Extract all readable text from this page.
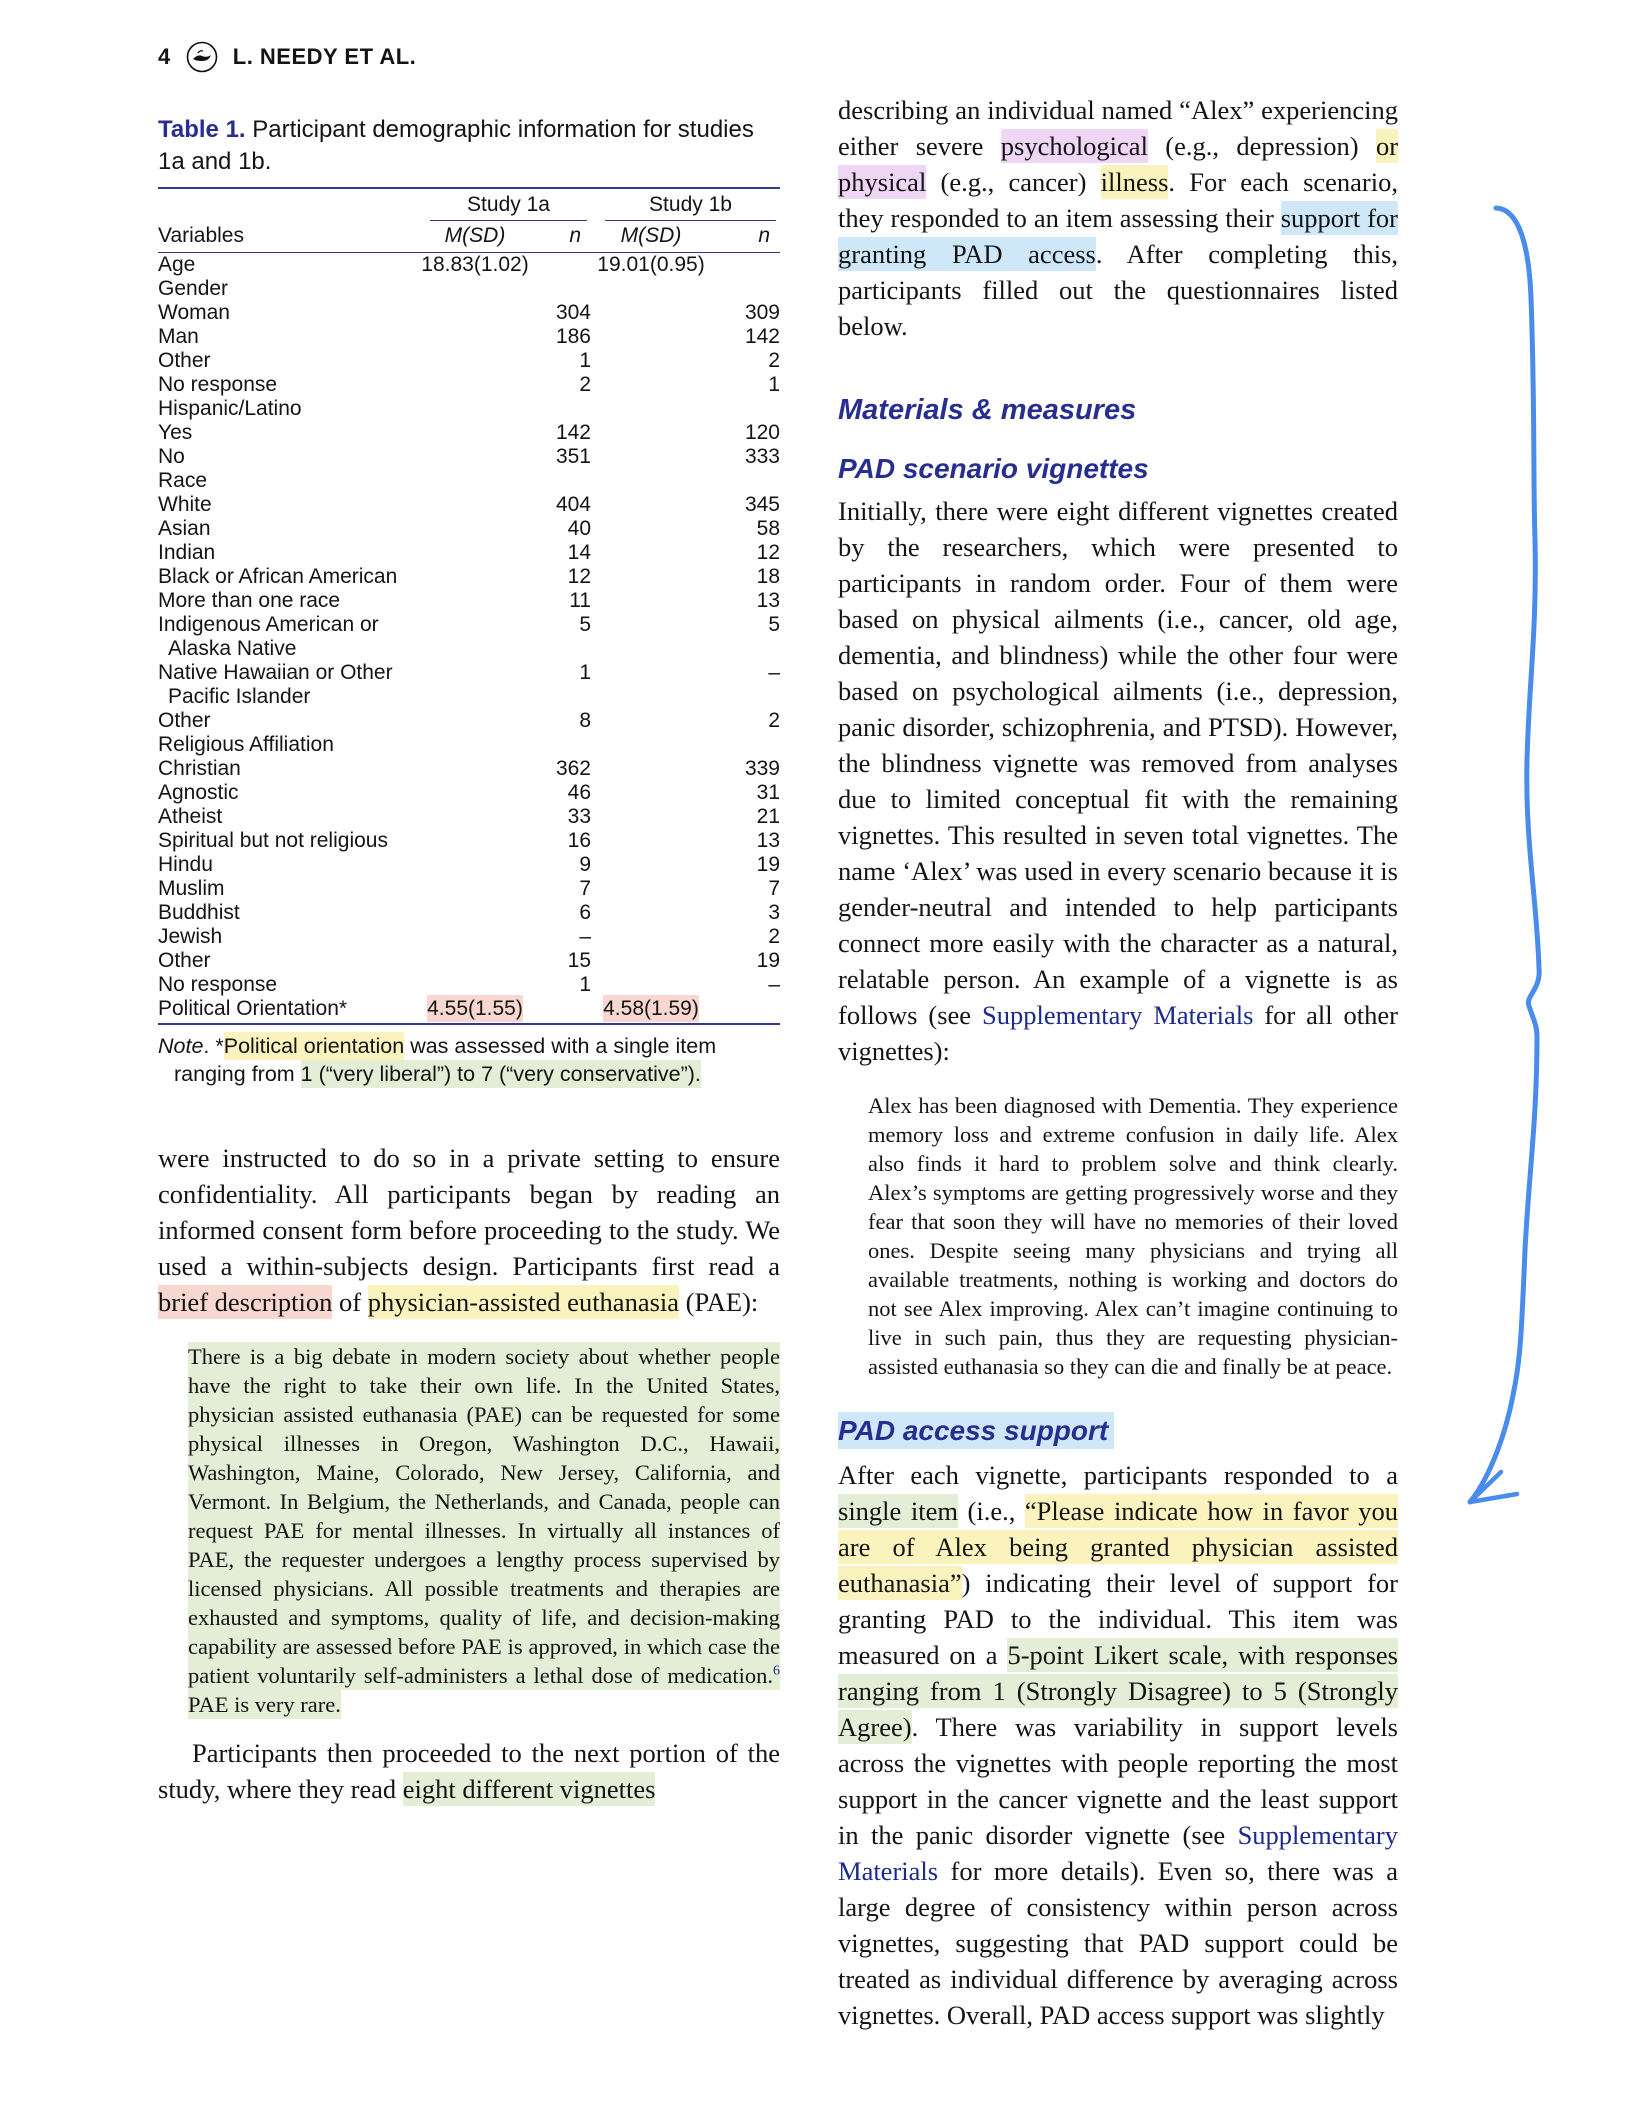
4	L. NEEDY ET AL.

Table 1. Participant demographic information for studies 1a and 1b.

	Study 1a		Study 1b	

Variables	M(SD)	n	M(SD)	n

Age	18.83(1.02)		19.01(0.95)	

Gender				

Woman		304		309

Man		186		142

Other		1		2

No response		2		1

Hispanic/Latino				

Yes		142		120

No		351		333

Race				

White		404		345

Asian		40		58

Indian		14		12

Black or African American		12		18

More than one race		11		13

Indigenous American or Alaska Native		5		5

Native Hawaiian or Other Pacific Islander		1		–

Other		8		2

Religious Affiliation				

Christian		362		339

Agnostic		46		31

Atheist		33		21

Spiritual but not religious		16		13

Hindu		9		19

Muslim		7		7

Buddhist		6		3

Jewish		–		2

Other		15		19

No response		1		–

Political Orientation*	4.55(1.55)		4.58(1.59)	

Note. *Political orientation was assessed with a single item ranging from 1 (“very liberal”) to 7 (“very conservative”).

were instructed to do so in a private setting to ensure confidentiality. All participants began by reading an informed consent form before proceeding to the study. We used a within-subjects design. Participants first read a brief description of physician-assisted euthanasia (PAE):

There is a big debate in modern society about whether people have the right to take their own life. In the United States, physician assisted euthanasia (PAE) can be requested for some physical illnesses in Oregon, Washington D.C., Hawaii, Washington, Maine, Colorado, New Jersey, California, and Vermont. In Belgium, the Netherlands, and Canada, people can request PAE for mental illnesses. In virtually all instances of PAE, the requester undergoes a lengthy process supervised by licensed physicians. All possible treatments and therapies are exhausted and symptoms, quality of life, and decision-making capability are assessed before PAE is approved, in which case the patient voluntarily self-administers a lethal dose of medication.$^6$ PAE is very rare.

Participants then proceeded to the next portion of the study, where they read eight different vignettes

describing an individual named “Alex” experiencing either severe psychological (e.g., depression) or physical (e.g., cancer) illness. For each scenario, they responded to an item assessing their support for granting PAD access. After completing this, participants filled out the questionnaires listed below.

Materials & measures
PAD scenario vignettes

Initially, there were eight different vignettes created by the researchers, which were presented to participants in random order. Four of them were based on physical ailments (i.e., cancer, old age, dementia, and blindness) while the other four were based on psychological ailments (i.e., depression, panic disorder, schizophrenia, and PTSD). However, the blindness vignette was removed from analyses due to limited conceptual fit with the remaining vignettes. This resulted in seven total vignettes. The name ‘Alex’ was used in every scenario because it is gender-neutral and intended to help participants connect more easily with the character as a natural, relatable person. An example of a vignette is as follows (see Supplementary Materials for all other vignettes):

Alex has been diagnosed with Dementia. They experience memory loss and extreme confusion in daily life. Alex also finds it hard to problem solve and think clearly. Alex’s symptoms are getting progressively worse and they fear that soon they will have no memories of their loved ones. Despite seeing many physicians and trying all available treatments, nothing is working and doctors do not see Alex improving. Alex can’t imagine continuing to live in such pain, thus they are requesting physician-assisted euthanasia so they can die and finally be at peace.
PAD access support

After each vignette, participants responded to a single item (i.e., “Please indicate how in favor you are of Alex being granted physician assisted euthanasia”) indicating their level of support for granting PAD to the individual. This item was measured on a 5-point Likert scale, with responses ranging from 1 (Strongly Disagree) to 5 (Strongly Agree). There was variability in support levels across the vignettes with people reporting the most support in the cancer vignette and the least support in the panic disorder vignette (see Supplementary Materials for more details). Even so, there was a large degree of consistency within person across vignettes, suggesting that PAD support could be treated as individual difference by averaging across vignettes. Overall, PAD access support was slightly
